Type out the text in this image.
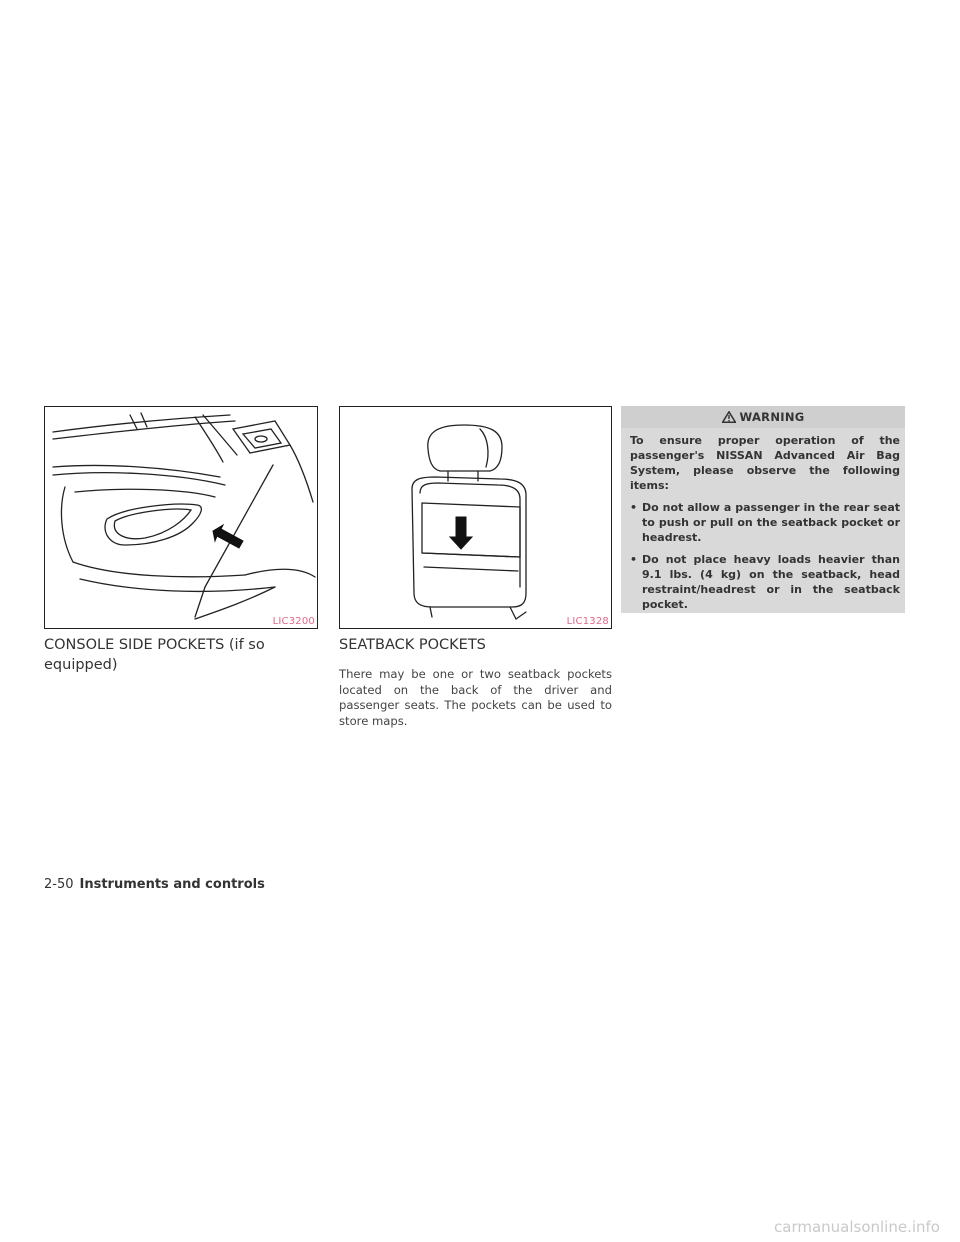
LIC3200	LIC1328
CONSOLE SIDE POCKETS (if so equipped)
SEATBACK POCKETS

There may be one or two seatback pockets located on the back of the driver and passenger seats. The pockets can be used to store maps.

WARNING

To ensure proper operation of the passenger's NISSAN Advanced Air Bag System, please observe the following items:

• Do not allow a passenger in the rear seat to push or pull on the seatback pocket or headrest.
• Do not place heavy loads heavier than 9.1 lbs. (4 kg) on the seatback, head restraint/headrest or in the seatback pocket.
2-50 Instruments and controls
carmanualsonline.info
